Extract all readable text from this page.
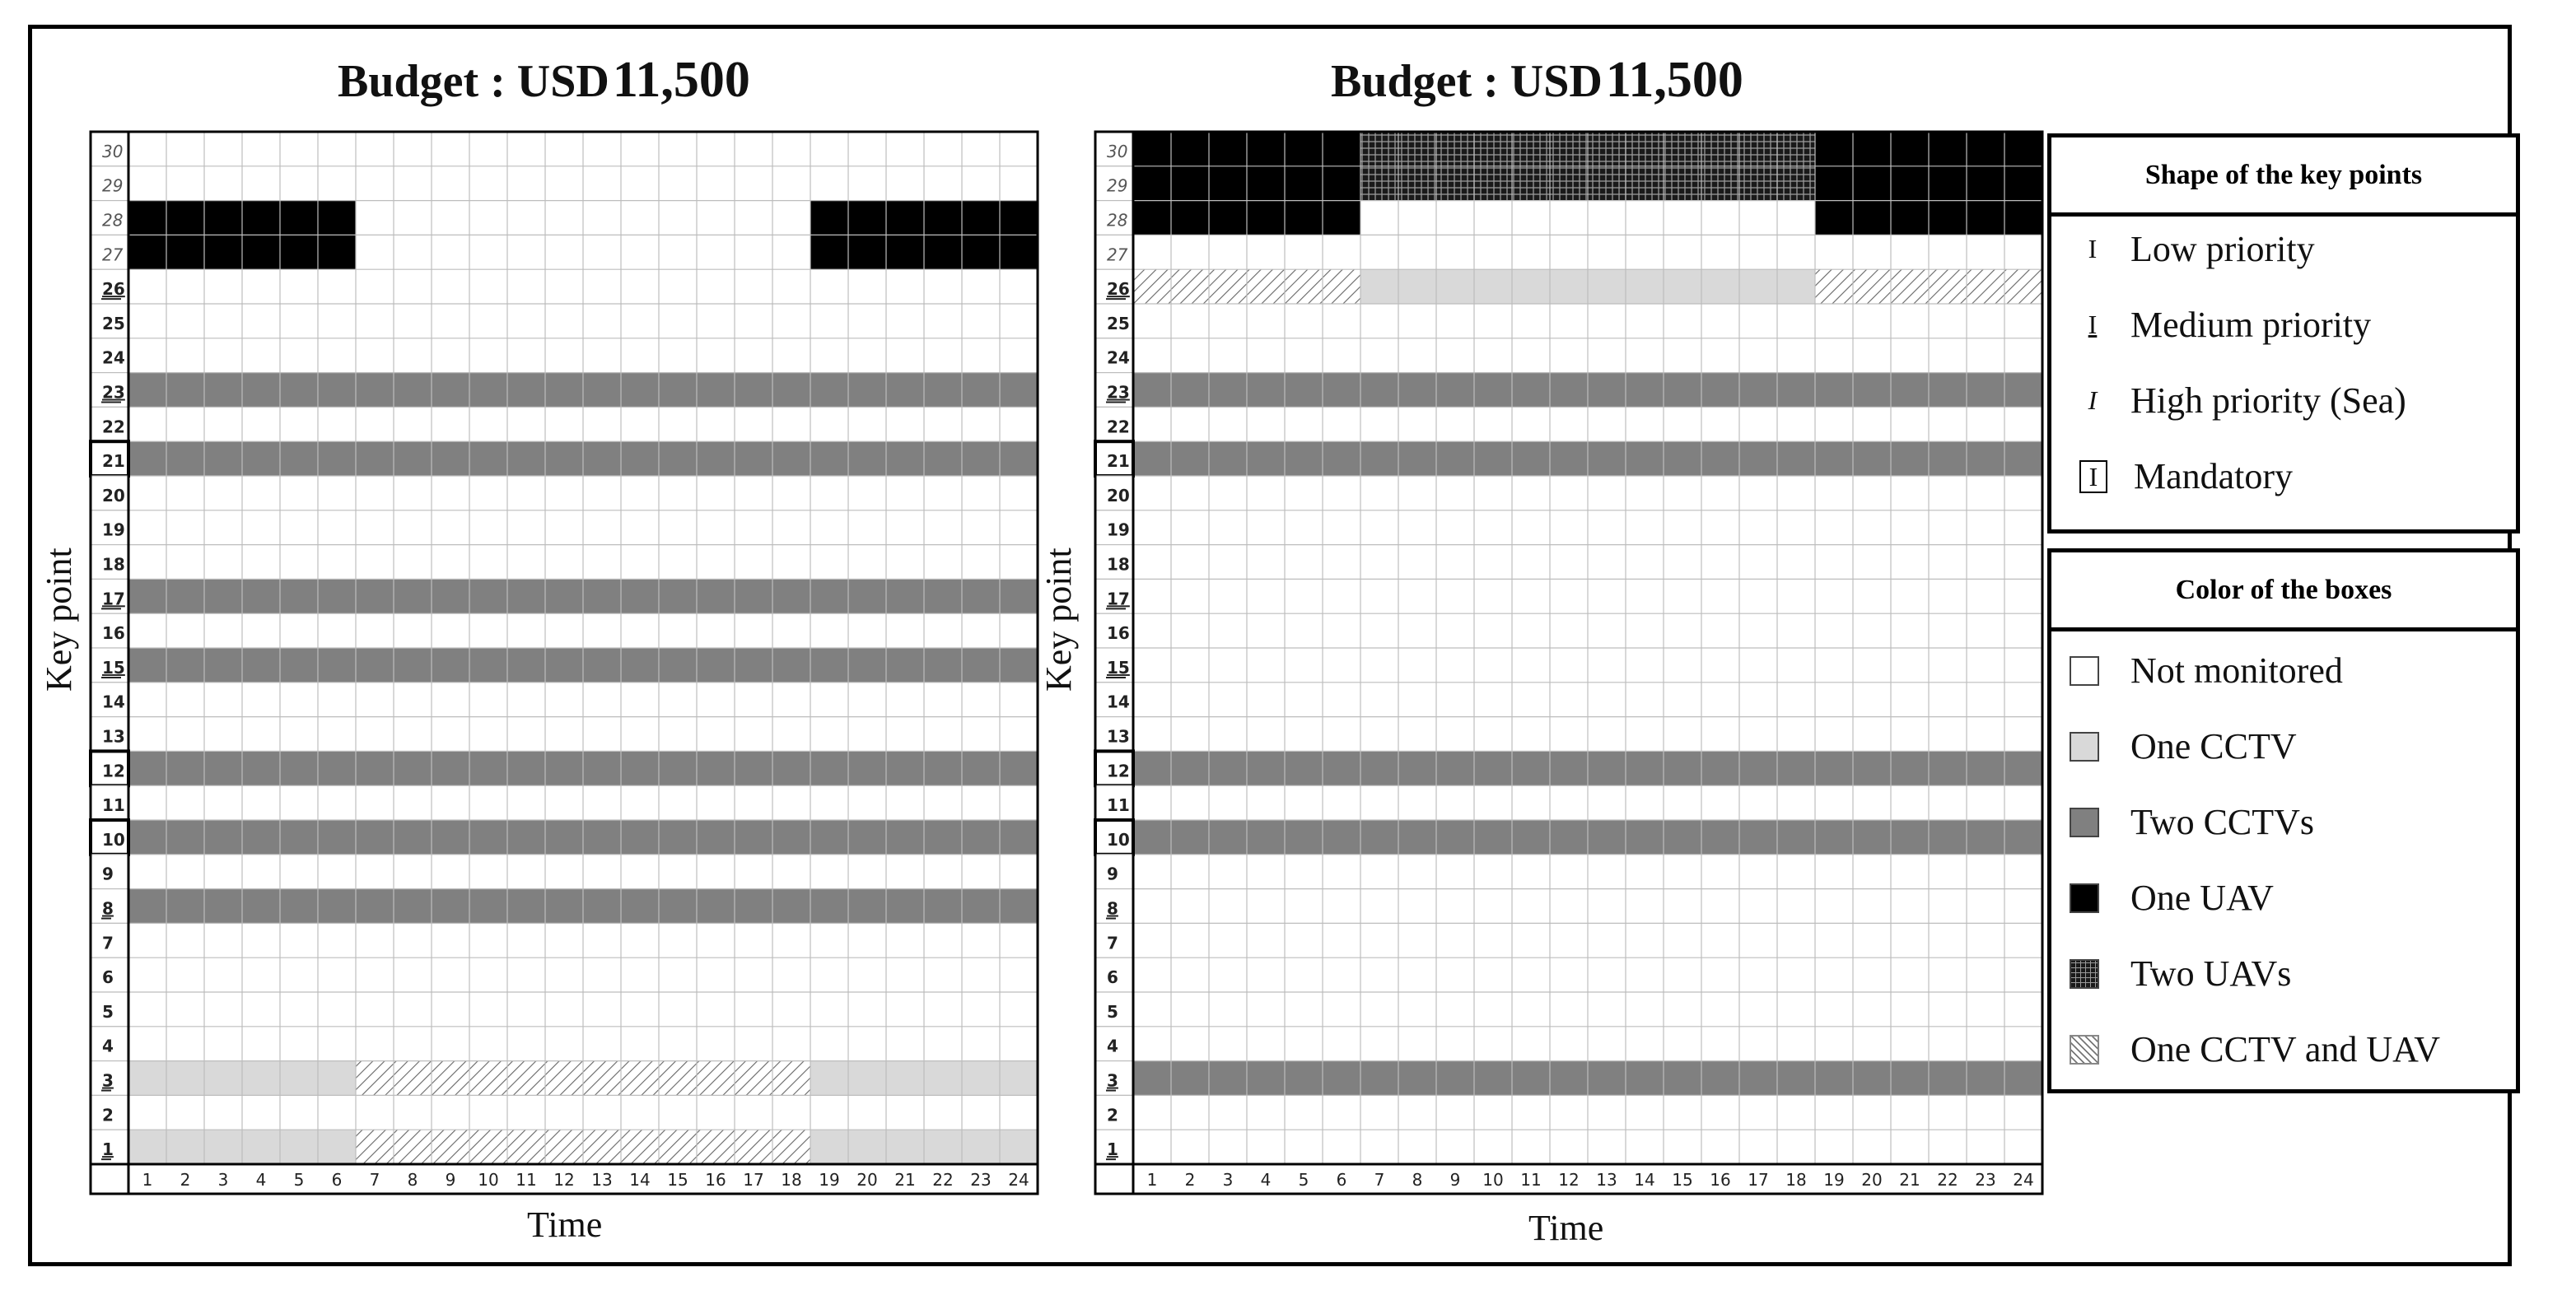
Budget : USD 11,500
30
29
28
27
26
25
24
23
22
21
20
19
18
17
16
15
14
13
12
11
10
9
8
7
6
5
4
3
2
1
1 2 3 4 5 6 7 8 9 10 11 12 13 14 15 16 17 18 19 20 21 22 23 24
Key point
Time
Budget : USD 11,500
30
29
28
27
26
25
24
23
22
21
20
19
18
17
16
15
14
13
12
11
10
9
8
7
6
5
4
3
2
1
1 2 3 4 5 6 7 8 9 10 11 12 13 14 15 16 17 18 19 20 21 22 23 24
Key point
Time
Shape of the key points
I Low priority
I Medium priority
I High priority (Sea)
I Mandatory
Color of the boxes
Not monitored
One CCTV
Two CCTVs
One UAV
Two UAVs
One CCTV and UAV
